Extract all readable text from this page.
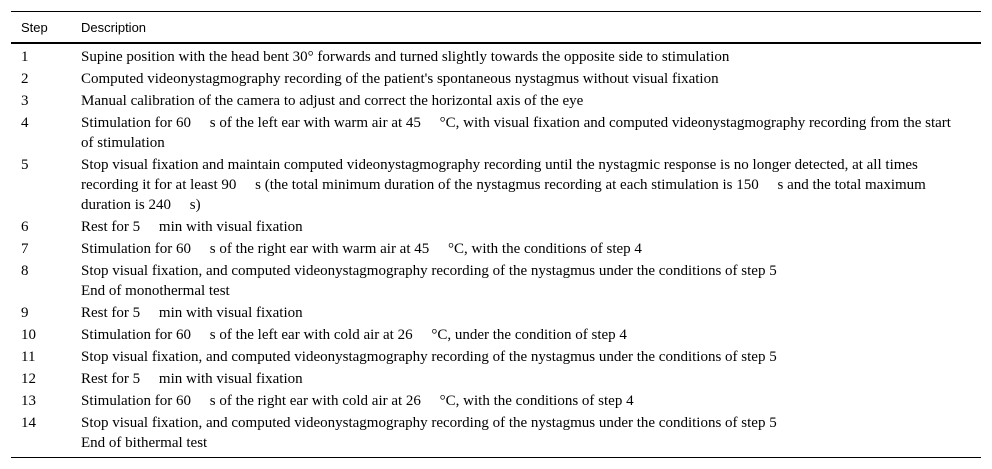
Step	Description
1	Supine position with the head bent 30° forwards and turned slightly towards the opposite side to stimulation
2	Computed videonystagmography recording of the patient's spontaneous nystagmus without visual fixation
3	Manual calibration of the camera to adjust and correct the horizontal axis of the eye
4	Stimulation for 60  s of the left ear with warm air at 45  °C, with visual fixation and computed videonystagmography recording from the start of stimulation
5	Stop visual fixation and maintain computed videonystagmography recording until the nystagmic response is no longer detected, at all times recording it for at least 90  s (the total minimum duration of the nystagmus recording at each stimulation is 150  s and the total maximum duration is 240  s)
6	Rest for 5  min with visual fixation
7	Stimulation for 60  s of the right ear with warm air at 45  °C, with the conditions of step 4
8	Stop visual fixation, and computed videonystagmography recording of the nystagmus under the conditions of step 5
End of monothermal test
9	Rest for 5  min with visual fixation
10	Stimulation for 60  s of the left ear with cold air at 26  °C, under the condition of step 4
11	Stop visual fixation, and computed videonystagmography recording of the nystagmus under the conditions of step 5
12	Rest for 5  min with visual fixation
13	Stimulation for 60  s of the right ear with cold air at 26  °C, with the conditions of step 4
14	Stop visual fixation, and computed videonystagmography recording of the nystagmus under the conditions of step 5
End of bithermal test
